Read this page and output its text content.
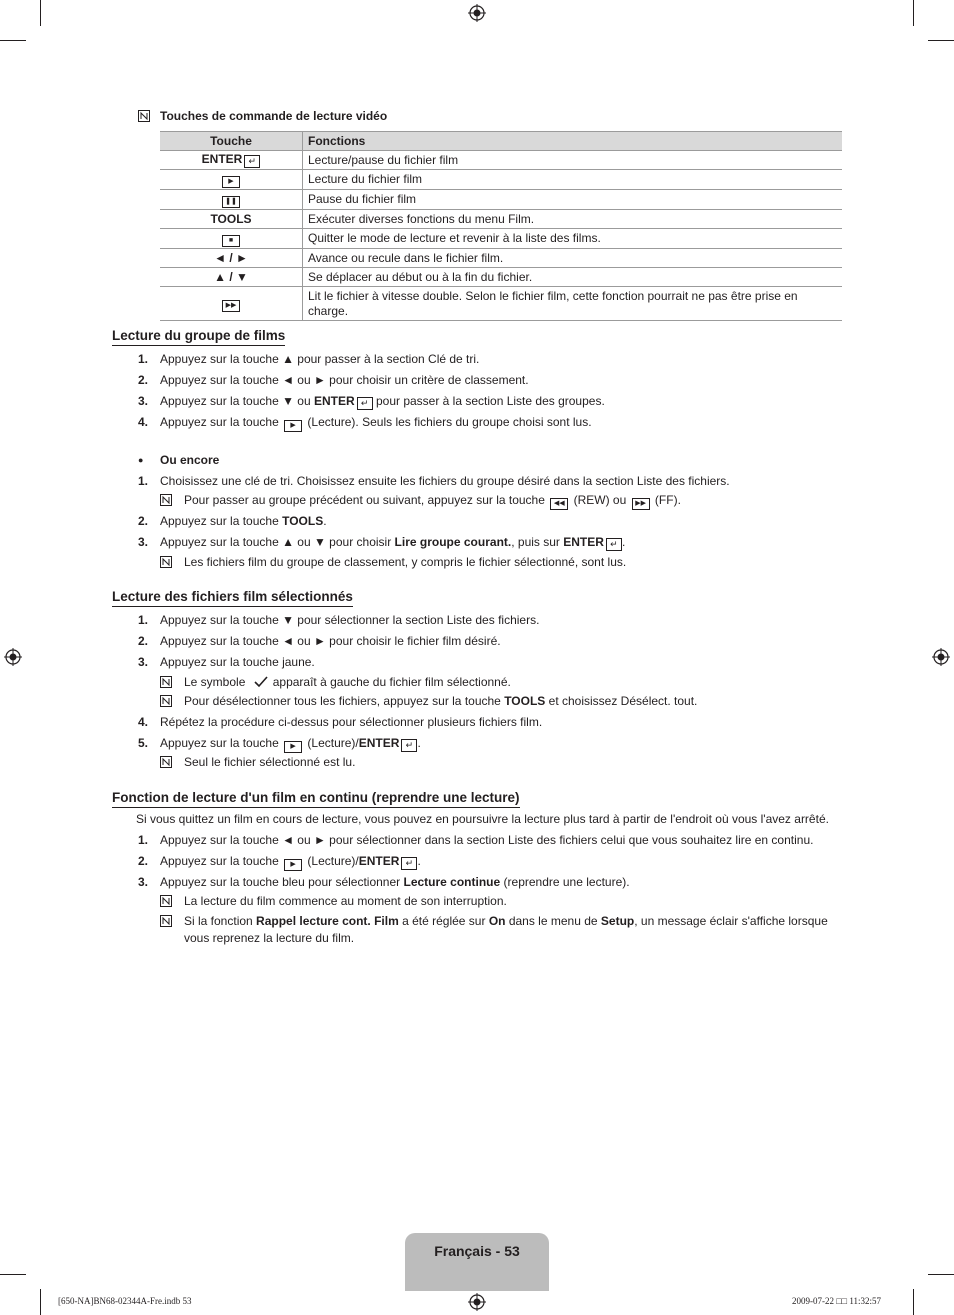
Touches de commande de lecture vidéo
Touche	Fonctions
ENTER ↵	Lecture/pause du fichier film
▶	Lecture du fichier film
❚❚	Pause du fichier film
TOOLS	Exécuter diverses fonctions du menu Film.
■	Quitter le mode de lecture et revenir à la liste des films.
◄ / ►	Avance ou recule dans le fichier film.
▲ / ▼	Se déplacer au début ou à la fin du fichier.
▶▶	Lit le fichier à vitesse double. Selon le fichier film, cette fonction pourrait ne pas être prise en charge.
Lecture du groupe de films
1. Appuyez sur la touche ▲ pour passer à la section Clé de tri.
2. Appuyez sur la touche ◄ ou ► pour choisir un critère de classement.
3. Appuyez sur la touche ▼ ou ENTER ↵ pour passer à la section Liste des groupes.
4. Appuyez sur la touche ▶ (Lecture). Seuls les fichiers du groupe choisi sont lus.
● Ou encore
1. Choisissez une clé de tri. Choisissez ensuite les fichiers du groupe désiré dans la section Liste des fichiers.
Pour passer au groupe précédent ou suivant, appuyez sur la touche ◀◀ (REW) ou ▶▶ (FF).
2. Appuyez sur la touche TOOLS.
3. Appuyez sur la touche ▲ ou ▼ pour choisir Lire groupe courant., puis sur ENTER ↵ .
Les fichiers film du groupe de classement, y compris le fichier sélectionné, sont lus.
Lecture des fichiers film sélectionnés
1. Appuyez sur la touche ▼ pour sélectionner la section Liste des fichiers.
2. Appuyez sur la touche ◄ ou ► pour choisir le fichier film désiré.
3. Appuyez sur la touche jaune.
Le symbole apparaît à gauche du fichier film sélectionné.
Pour désélectionner tous les fichiers, appuyez sur la touche TOOLS et choisissez Désélect. tout.
4. Répétez la procédure ci-dessus pour sélectionner plusieurs fichiers film.
5. Appuyez sur la touche ▶ (Lecture)/ENTER ↵ .
Seul le fichier sélectionné est lu.
Fonction de lecture d'un film en continu (reprendre une lecture)
Si vous quittez un film en cours de lecture, vous pouvez en poursuivre la lecture plus tard à partir de l'endroit où vous l'avez arrêté.
1. Appuyez sur la touche ◄ ou ► pour sélectionner dans la section Liste des fichiers celui que vous souhaitez lire en continu.
2. Appuyez sur la touche ▶ (Lecture)/ENTER ↵ .
3. Appuyez sur la touche bleu pour sélectionner Lecture continue (reprendre une lecture).
La lecture du film commence au moment de son interruption.
Si la fonction Rappel lecture cont. Film a été réglée sur On dans le menu de Setup, un message éclair s'affiche lorsque
vous reprenez la lecture du film.
Français - 53
[650-NA]BN68-02344A-Fre.indb 53	2009-07-22 □□ 11:32:57
